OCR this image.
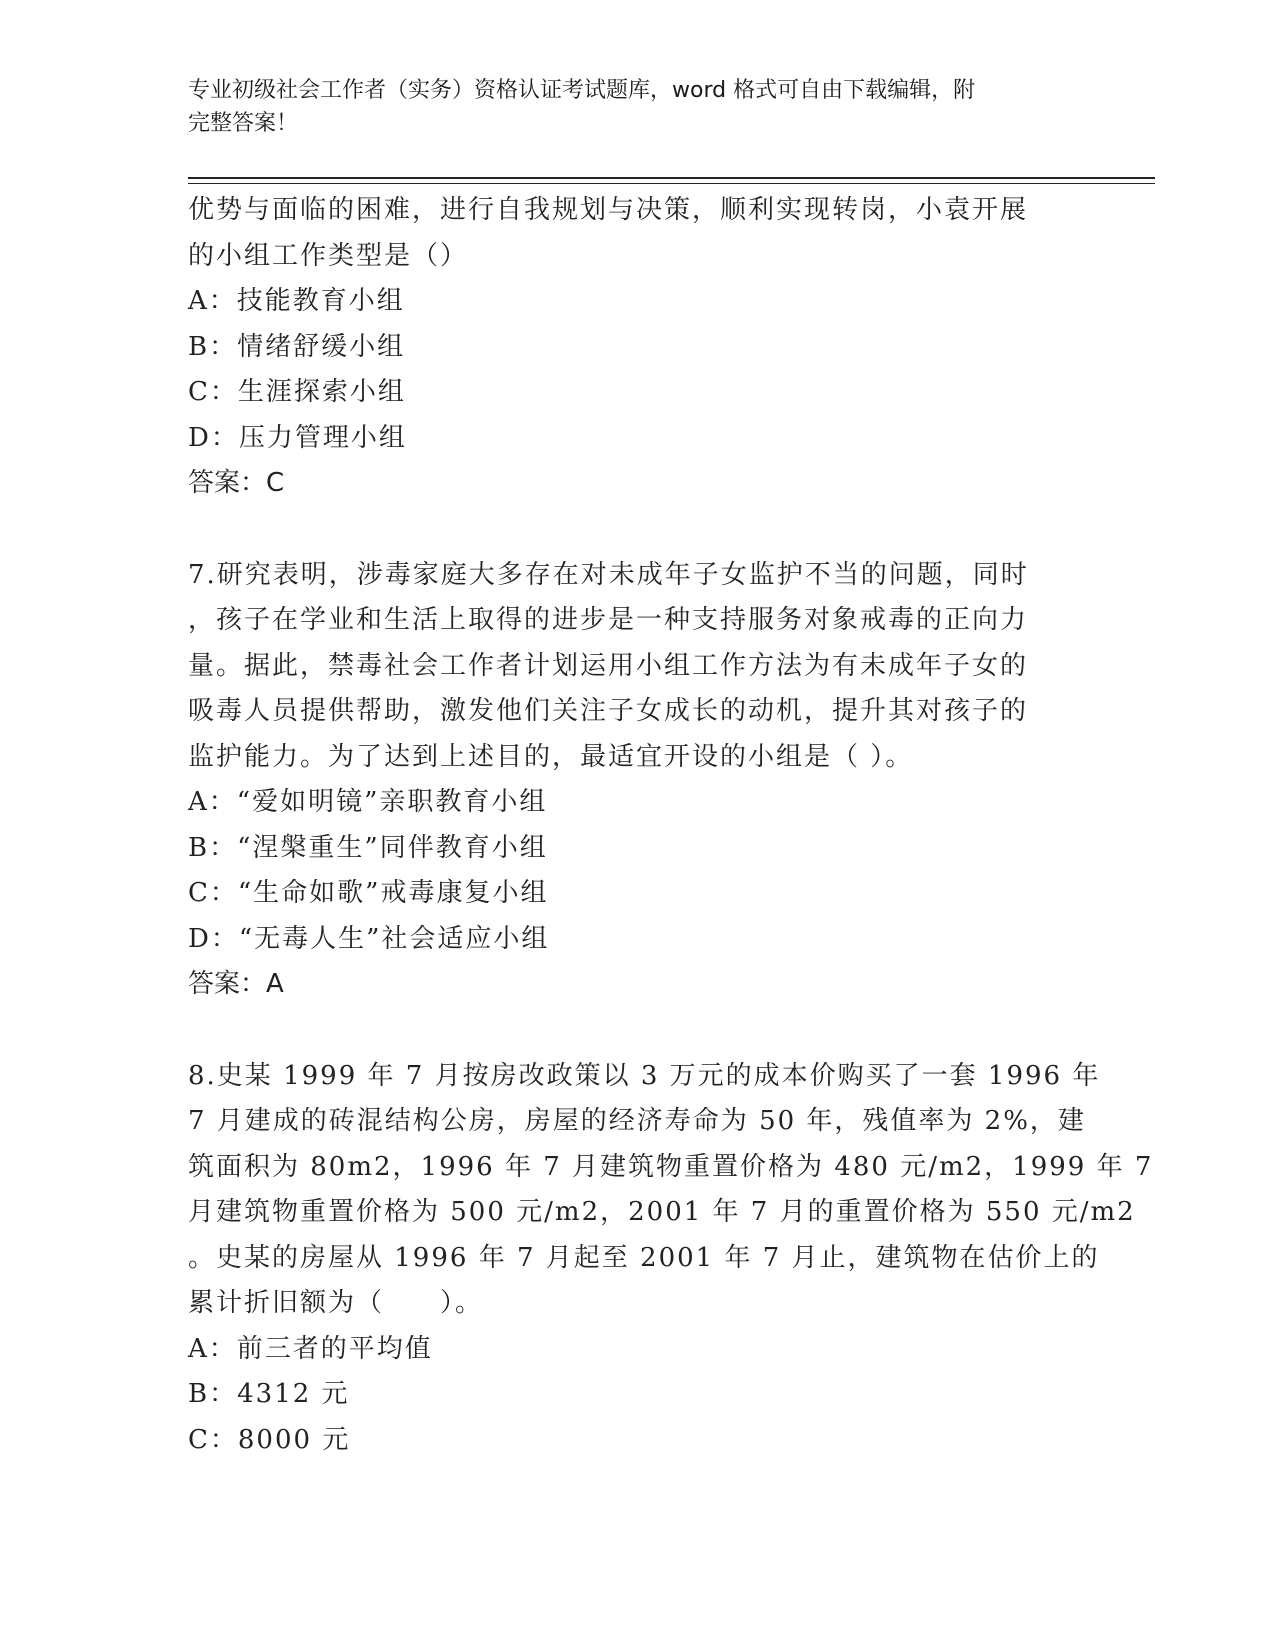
专业初级社会工作者（实务）资格认证考试题库，word 格式可自由下载编辑，附
完整答案！
优势与面临的困难，进行自我规划与决策，顺利实现转岗，小袁开展
的小组工作类型是（）
A：技能教育小组
B：情绪舒缓小组
C：生涯探索小组
D：压力管理小组
答案：C
7.研究表明，涉毒家庭大多存在对未成年子女监护不当的问题，同时
，孩子在学业和生活上取得的进步是一种支持服务对象戒毒的正向力
量。据此，禁毒社会工作者计划运用小组工作方法为有未成年子女的
吸毒人员提供帮助，激发他们关注子女成长的动机，提升其对孩子的
监护能力。为了达到上述目的，最适宜开设的小组是（ ）。
A：“爱如明镜”亲职教育小组
B：“涅槃重生”同伴教育小组
C：“生命如歌”戒毒康复小组
D：“无毒人生”社会适应小组
答案：A
8.史某 1999 年 7 月按房改政策以 3 万元的成本价购买了一套 1996 年
7 月建成的砖混结构公房，房屋的经济寿命为 50 年，残值率为 2%，建
筑面积为 80m2，1996 年 7 月建筑物重置价格为 480 元/m2，1999 年 7
月建筑物重置价格为 500 元/m2，2001 年 7 月的重置价格为 550 元/m2
。史某的房屋从 1996 年 7 月起至 2001 年 7 月止，建筑物在估价上的
累计折旧额为（　　）。
A：前三者的平均值
B：4312 元
C：8000 元
